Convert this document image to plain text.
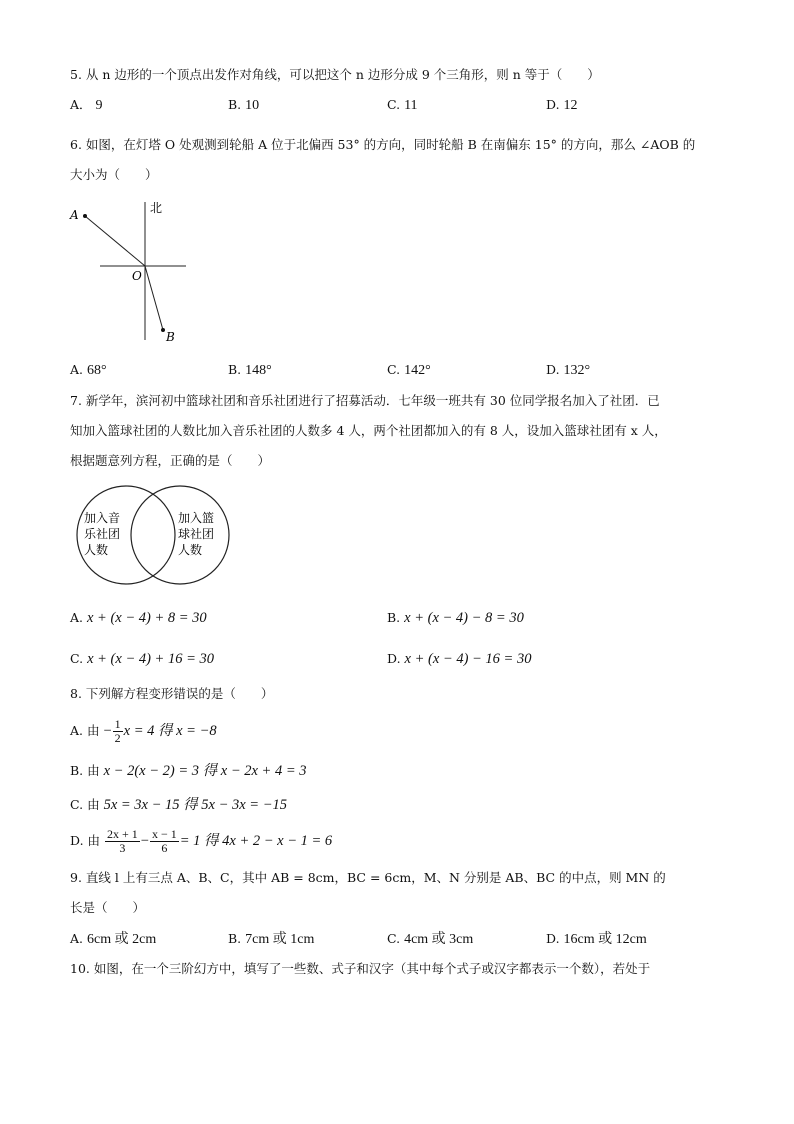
5. 从 n 边形的一个顶点出发作对角线，可以把这个 n 边形分成 9 个三角形，则 n 等于（　　）
A． 9	B. 10	C. 11	D. 12
6. 如图，在灯塔 O 处观测到轮船 A 位于北偏西 53° 的方向，同时轮船 B 在南偏东 15° 的方向，那么 ∠AOB 的
大小为（　　）
北
A
O
B
A. 68°	B. 148°	C. 142°	D. 132°
7. 新学年，滨河初中篮球社团和音乐社团进行了招募活动．七年级一班共有 30 位同学报名加入了社团．已
知加入篮球社团的人数比加入音乐社团的人数多 4 人，两个社团都加入的有 8 人，设加入篮球社团有 x 人，
根据题意列方程，正确的是（　　）
加入音
乐社团
人数
加入篮
球社团
人数
A. x + (x − 4) + 8 = 30	B. x + (x − 4) − 8 = 30
C. x + (x − 4) + 16 = 30	D. x + (x − 4) − 16 = 30
8. 下列解方程变形错误的是（　　）
A. 由 − $\frac{1}{2}$ x = 4 得 x = −8
B. 由 x − 2(x − 2) = 3 得 x − 2x + 4 = 3
C. 由 5x = 3x − 15 得 5x − 3x = −15
D. 由 $\frac{2x + 1}{3} - \frac{x - 1}{6} = 1$ 得 4x + 2 − x − 1 = 6
9. 直线 l 上有三点 A、B、C，其中 AB = 8cm，BC = 6cm，M、N 分别是 AB、BC 的中点，则 MN 的
长是（　　）
A. 6cm 或 2cm	B. 7cm 或 1cm	C. 4cm 或 3cm	D. 16cm 或 12cm
10. 如图，在一个三阶幻方中，填写了一些数、式子和汉字（其中每个式子或汉字都表示一个数），若处于
